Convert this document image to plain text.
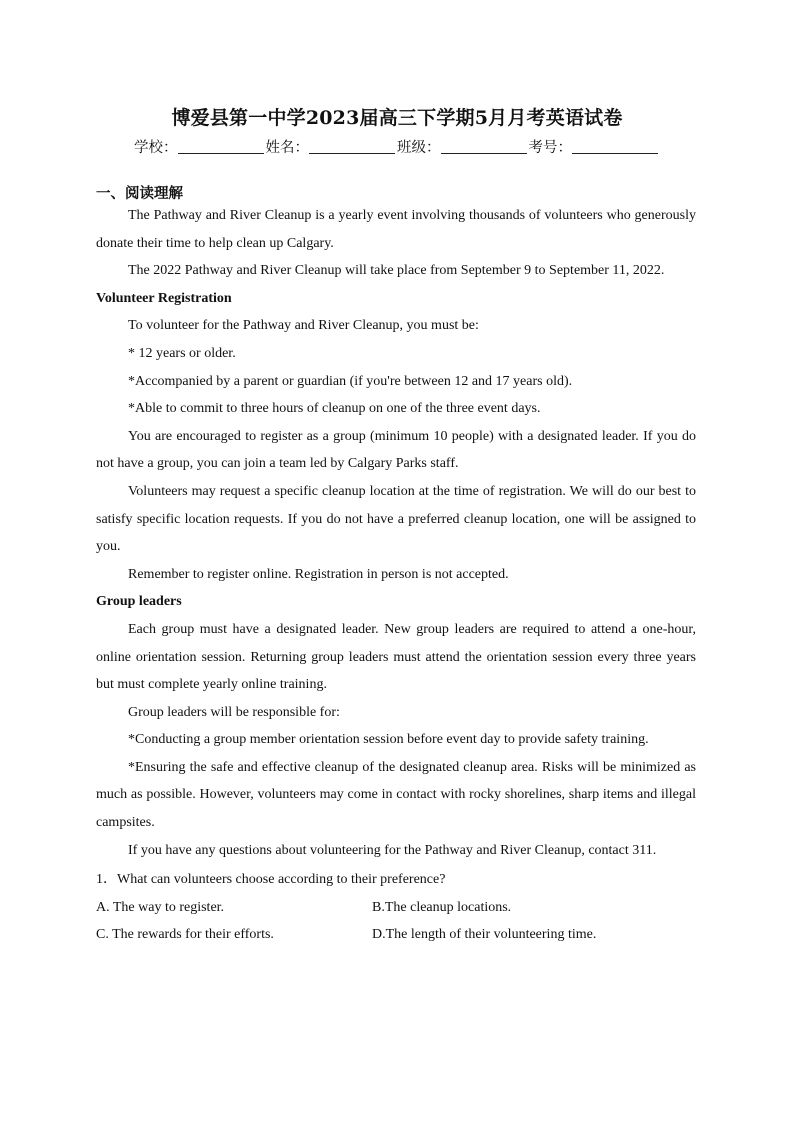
博爱县第一中学2023届高三下学期5月月考英语试卷
学校：	姓名：	班级：	考号：
一、阅读理解

The Pathway and River Cleanup is a yearly event involving thousands of volunteers who generously donate their time to help clean up Calgary.

The 2022 Pathway and River Cleanup will take place from September 9 to September 11, 2022.

Volunteer Registration

To volunteer for the Pathway and River Cleanup, you must be:

* 12 years or older.

*Accompanied by a parent or guardian (if you're between 12 and 17 years old).

*Able to commit to three hours of cleanup on one of the three event days.

You are encouraged to register as a group (minimum 10 people) with a designated leader. If you do not have a group, you can join a team led by Calgary Parks staff.

Volunteers may request a specific cleanup location at the time of registration. We will do our best to satisfy specific location requests. If you do not have a preferred cleanup location, one will be assigned to you.

Remember to register online. Registration in person is not accepted.

Group leaders

Each group must have a designated leader. New group leaders are required to attend a one-hour, online orientation session. Returning group leaders must attend the orientation session every three years but must complete yearly online training.

Group leaders will be responsible for:

*Conducting a group member orientation session before event day to provide safety training.

*Ensuring the safe and effective cleanup of the designated cleanup area. Risks will be minimized as much as possible. However, volunteers may come in contact with rocky shorelines, sharp items and illegal campsites.

If you have any questions about volunteering for the Pathway and River Cleanup, contact 311.

1．What can volunteers choose according to their preference?

A. The way to register.	B.The cleanup locations.
C. The rewards for their efforts.	D.The length of their volunteering time.
